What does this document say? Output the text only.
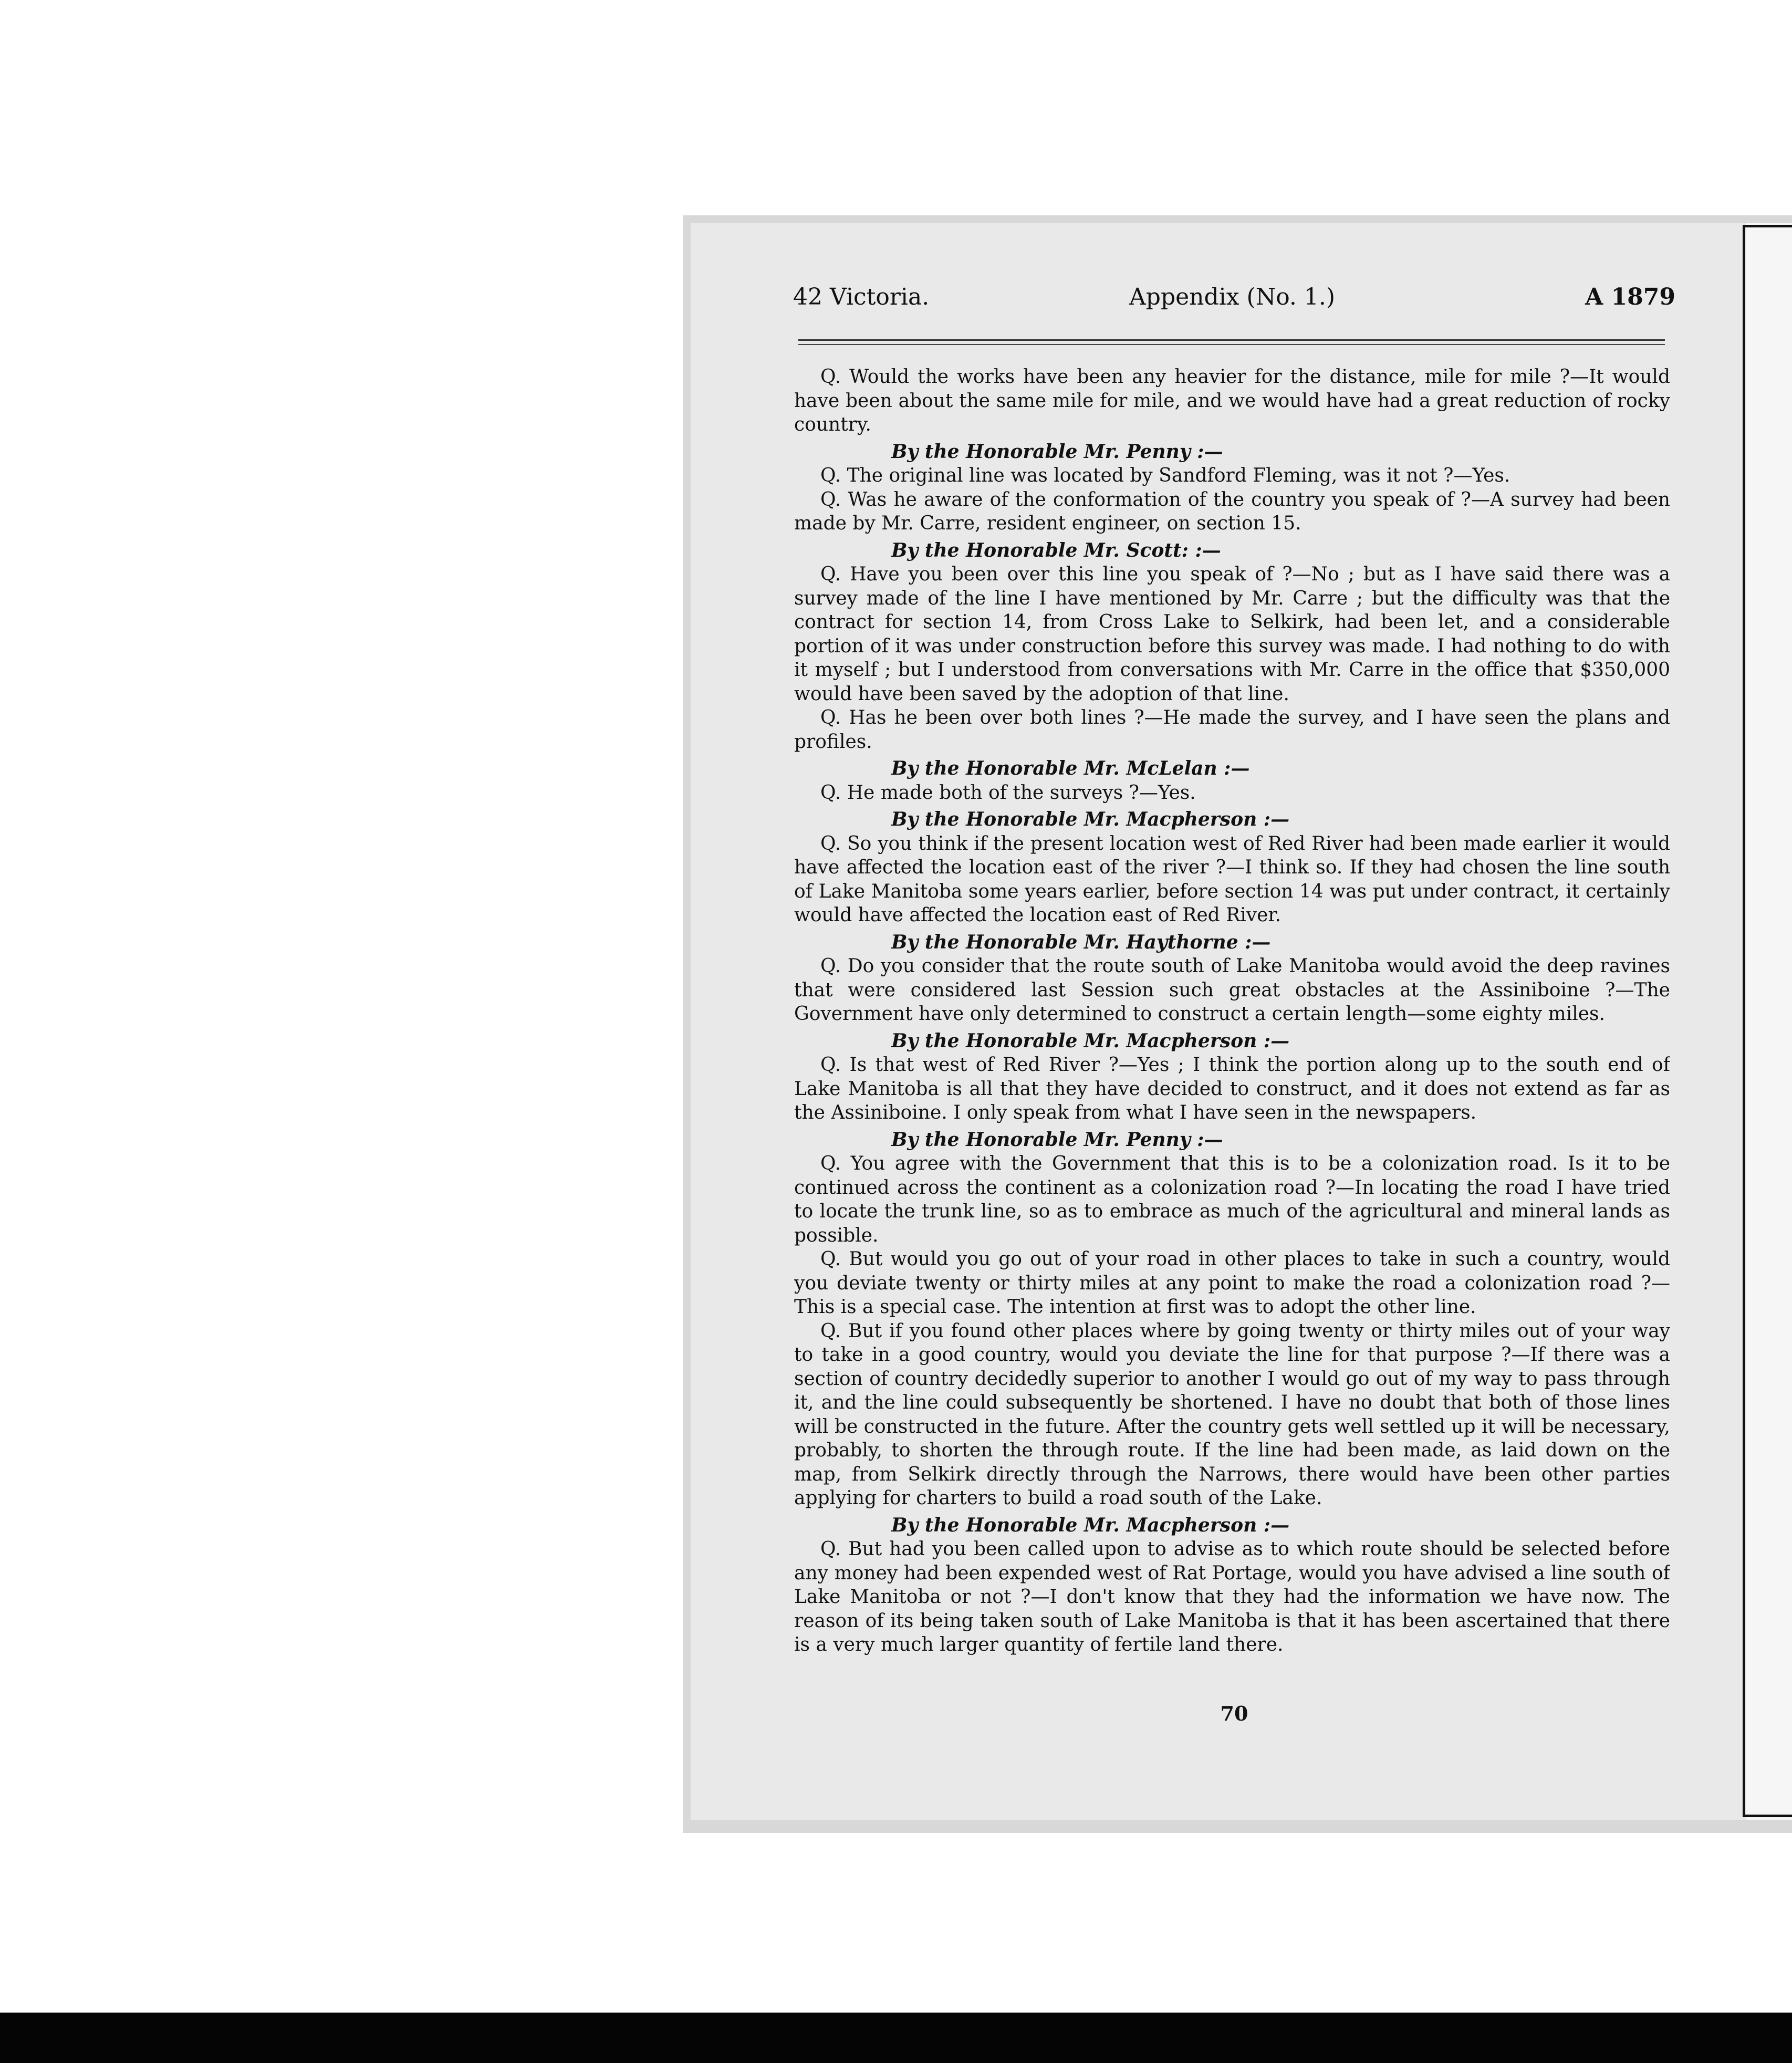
42 Victoria.	Appendix (No. 1.)	A 1879

Q. Would the works have been any heavier for the distance, mile for mile ?—It would have been about the same mile for mile, and we would have had a great reduction of rocky country.

By the Honorable Mr. Penny :—

Q. The original line was located by Sandford Fleming, was it not ?—Yes.

Q. Was he aware of the conformation of the country you speak of ?—A survey had been made by Mr. Carre, resident engineer, on section 15.

By the Honorable Mr. Scott: :—

Q. Have you been over this line you speak of ?—No ; but as I have said there was a survey made of the line I have mentioned by Mr. Carre ; but the difficulty was that the contract for section 14, from Cross Lake to Selkirk, had been let, and a considerable portion of it was under construction before this survey was made. I had nothing to do with it myself ; but I understood from conversations with Mr. Carre in the office that $350,000 would have been saved by the adoption of that line.

Q. Has he been over both lines ?—He made the survey, and I have seen the plans and profiles.

By the Honorable Mr. McLelan :—

Q. He made both of the surveys ?—Yes.

By the Honorable Mr. Macpherson :—

Q. So you think if the present location west of Red River had been made earlier it would have affected the location east of the river ?—I think so. If they had chosen the line south of Lake Manitoba some years earlier, before section 14 was put under contract, it certainly would have affected the location east of Red River.

By the Honorable Mr. Haythorne :—

Q. Do you consider that the route south of Lake Manitoba would avoid the deep ravines that were considered last Session such great obstacles at the Assiniboine ?—The Government have only determined to construct a certain length—some eighty miles.

By the Honorable Mr. Macpherson :—

Q. Is that west of Red River ?—Yes ; I think the portion along up to the south end of Lake Manitoba is all that they have decided to construct, and it does not extend as far as the Assiniboine. I only speak from what I have seen in the newspapers.

By the Honorable Mr. Penny :—

Q. You agree with the Government that this is to be a colonization road. Is it to be continued across the continent as a colonization road ?—In locating the road I have tried to locate the trunk line, so as to embrace as much of the agricultural and mineral lands as possible.

Q. But would you go out of your road in other places to take in such a country, would you deviate twenty or thirty miles at any point to make the road a colonization road ?—This is a special case. The intention at first was to adopt the other line.

Q. But if you found other places where by going twenty or thirty miles out of your way to take in a good country, would you deviate the line for that purpose ?—If there was a section of country decidedly superior to another I would go out of my way to pass through it, and the line could subsequently be shortened. I have no doubt that both of those lines will be constructed in the future. After the country gets well settled up it will be necessary, probably, to shorten the through route. If the line had been made, as laid down on the map, from Selkirk directly through the Narrows, there would have been other parties applying for charters to build a road south of the Lake.

By the Honorable Mr. Macpherson :—

Q. But had you been called upon to advise as to which route should be selected before any money had been expended west of Rat Portage, would you have advised a line south of Lake Manitoba or not ?—I don't know that they had the information we have now. The reason of its being taken south of Lake Manitoba is that it has been ascertained that there is a very much larger quantity of fertile land there.

70
